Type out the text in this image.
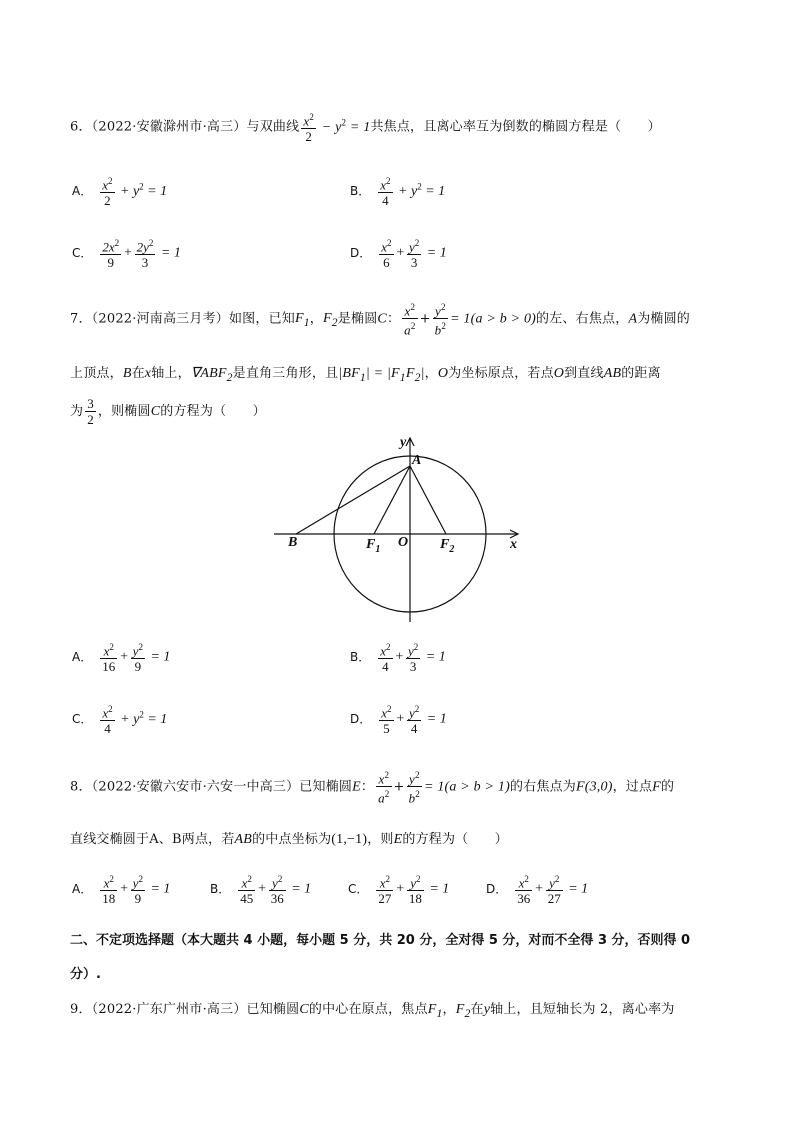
6．（2022·安徽滁州市·高三）与双曲线 $\frac{x^2}{2} - y^2 = 1$共焦点，且离心率互为倒数的椭圆方程是（　　）
A． $\frac{x^2}{2} + y^2 = 1$	B． $\frac{x^2}{4} + y^2 = 1$
C． $\frac{2x^2}{9} + \frac{2y^2}{3} = 1$	D． $\frac{x^2}{6} + \frac{y^2}{3} = 1$
7．（2022·河南高三月考）如图，已知$F_1$，$F_2$是椭圆C： $\frac{x^2}{a^2} + \frac{y^2}{b^2} = 1(a > b > 0)$的左、右焦点，A为椭圆的
上顶点，B在x轴上，$\nabla ABF_2$是直角三角形，且$|BF_1| = |F_1F_2|$，O为坐标原点，若点O到直线AB的距离
为 $\frac{3}{2}$ ，则椭圆C的方程为（　　）
B	$F_1$ O $F_2$	x
y
A
A． $\frac{x^2}{16} + \frac{y^2}{9} = 1$	B． $\frac{x^2}{4} + \frac{y^2}{3} = 1$
C． $\frac{x^2}{4} + y^2 = 1$	D． $\frac{x^2}{5} + \frac{y^2}{4} = 1$
8．（2022·安徽六安市·六安一中高三）已知椭圆E： $\frac{x^2}{a^2} + \frac{y^2}{b^2} = 1(a > b > 1)$的右焦点为F(3,0)，过点F的
直线交椭圆于A、B两点，若AB的中点坐标为(1,−1)，则E的方程为（　　）
A． $\frac{x^2}{18} + \frac{y^2}{9} = 1$	B． $\frac{x^2}{45} + \frac{y^2}{36} = 1$	C． $\frac{x^2}{27} + \frac{y^2}{18} = 1$	D． $\frac{x^2}{36} + \frac{y^2}{27} = 1$
二、不定项选择题（本大题共 4 小题，每小题 5 分，共 20 分，全对得 5 分，对而不全得 3 分，否则得 0
分）.
9．（2022·广东广州市·高三）已知椭圆C的中心在原点，焦点$F_1$，$F_2$在y轴上，且短轴长为 2，离心率为
